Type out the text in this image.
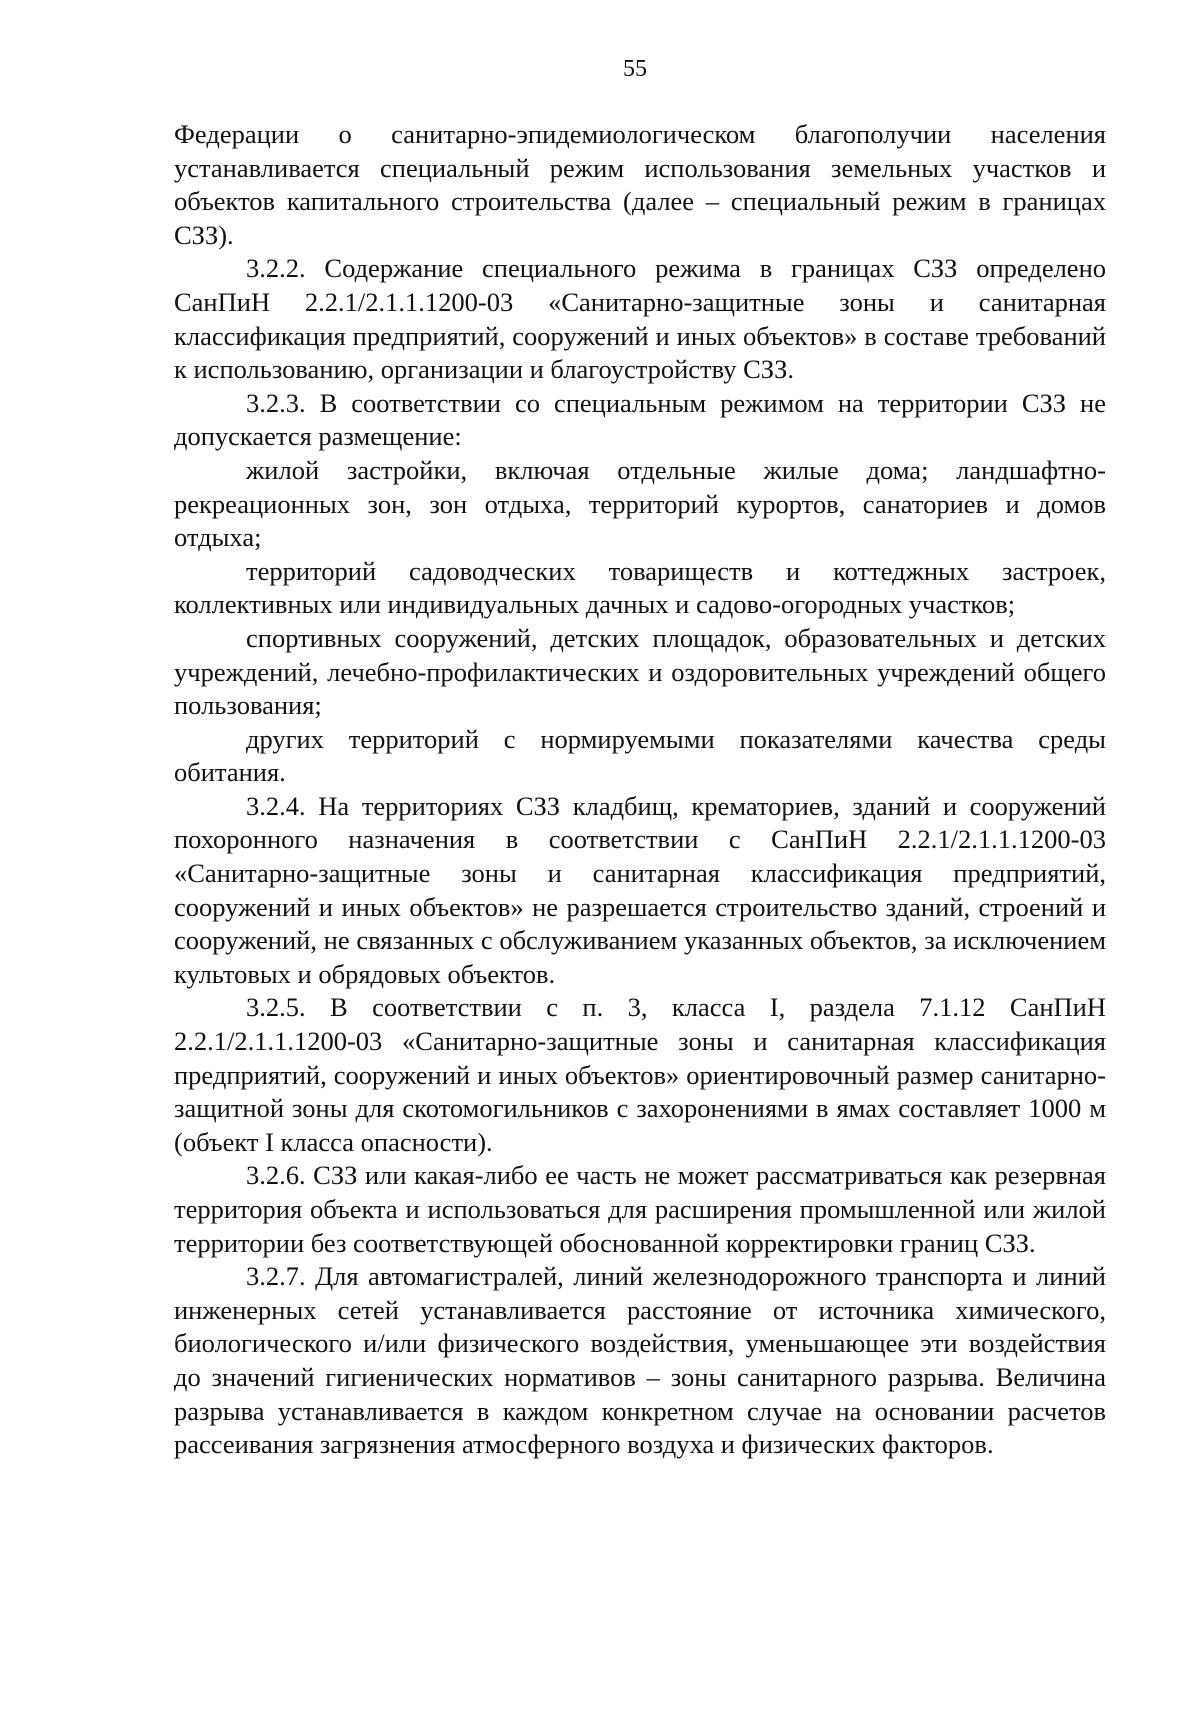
55

Федерации о санитарно-эпидемиологическом благополучии населения устанавливается специальный режим использования земельных участков и объектов капитального строительства (далее – специальный режим в границах СЗЗ).

3.2.2. Содержание специального режима в границах СЗЗ определено СанПиН 2.2.1/2.1.1.1200-03 «Санитарно-защитные зоны и санитарная классификация предприятий, сооружений и иных объектов» в составе требований к использованию, организации и благоустройству СЗЗ.

3.2.3. В соответствии со специальным режимом на территории СЗЗ не допускается размещение:

жилой застройки, включая отдельные жилые дома; ландшафтно-рекреационных зон, зон отдыха, территорий курортов, санаториев и домов отдыха;

территорий садоводческих товариществ и коттеджных застроек, коллективных или индивидуальных дачных и садово-огородных участков;

спортивных сооружений, детских площадок, образовательных и детских учреждений, лечебно-профилактических и оздоровительных учреждений общего пользования;

других территорий с нормируемыми показателями качества среды обитания.

3.2.4. На территориях СЗЗ кладбищ, крематориев, зданий и сооружений похоронного назначения в соответствии с СанПиН 2.2.1/2.1.1.1200-03 «Санитарно-защитные зоны и санитарная классификация предприятий, сооружений и иных объектов» не разрешается строительство зданий, строений и сооружений, не связанных с обслуживанием указанных объектов, за исключением культовых и обрядовых объектов.

3.2.5. В соответствии с п. 3, класса I, раздела 7.1.12 СанПиН 2.2.1/2.1.1.1200-03 «Санитарно-защитные зоны и санитарная классификация предприятий, сооружений и иных объектов» ориентировочный размер санитарно-защитной зоны для скотомогильников с захоронениями в ямах составляет 1000 м (объект I класса опасности).

3.2.6. СЗЗ или какая-либо ее часть не может рассматриваться как резервная территория объекта и использоваться для расширения промышленной или жилой территории без соответствующей обоснованной корректировки границ СЗЗ.

3.2.7. Для автомагистралей, линий железнодорожного транспорта и линий инженерных сетей устанавливается расстояние от источника химического, биологического и/или физического воздействия, уменьшающее эти воздействия до значений гигиенических нормативов – зоны санитарного разрыва. Величина разрыва устанавливается в каждом конкретном случае на основании расчетов рассеивания загрязнения атмосферного воздуха и физических факторов.
